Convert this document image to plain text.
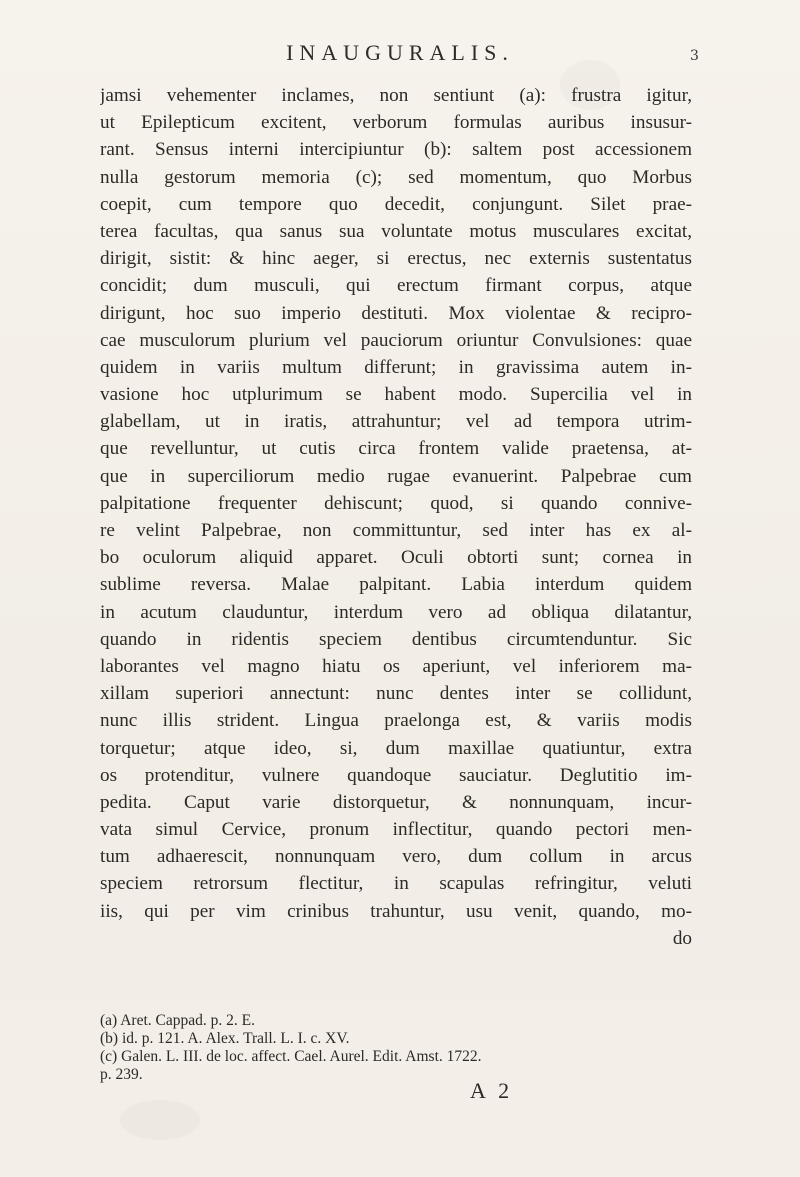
INAUGURALIS.	3
jamsi vehementer inclames, non sentiunt (a): frustra igitur,
ut Epilepticum excitent, verborum formulas auribus insusur-
rant. Sensus interni intercipiuntur (b): saltem post accessionem
nulla gestorum memoria (c); sed momentum, quo Morbus
coepit, cum tempore quo decedit, conjungunt. Silet prae-
terea facultas, qua sanus sua voluntate motus musculares excitat,
dirigit, sistit: & hinc aeger, si erectus, nec externis sustentatus
concidit; dum musculi, qui erectum firmant corpus, atque
dirigunt, hoc suo imperio destituti. Mox violentae & recipro-
cae musculorum plurium vel pauciorum oriuntur Convulsiones: quae
quidem in variis multum differunt; in gravissima autem in-
vasione hoc utplurimum se habent modo. Supercilia vel in
glabellam, ut in iratis, attrahuntur; vel ad tempora utrim-
que revelluntur, ut cutis circa frontem valide praetensa, at-
que in superciliorum medio rugae evanuerint. Palpebrae cum
palpitatione frequenter dehiscunt; quod, si quando connive-
re velint Palpebrae, non committuntur, sed inter has ex al-
bo oculorum aliquid apparet. Oculi obtorti sunt; cornea in
sublime reversa. Malae palpitant. Labia interdum quidem
in acutum clauduntur, interdum vero ad obliqua dilatantur,
quando in ridentis speciem dentibus circumtenduntur. Sic
laborantes vel magno hiatu os aperiunt, vel inferiorem ma-
xillam superiori annectunt: nunc dentes inter se collidunt,
nunc illis strident. Lingua praelonga est, & variis modis
torquetur; atque ideo, si, dum maxillae quatiuntur, extra
os protenditur, vulnere quandoque sauciatur. Deglutitio im-
pedita. Caput varie distorquetur, & nonnunquam, incur-
vata simul Cervice, pronum inflectitur, quando pectori men-
tum adhaerescit, nonnunquam vero, dum collum in arcus
speciem retrorsum flectitur, in scapulas refringitur, veluti
iis, qui per vim crinibus trahuntur, usu venit, quando, mo-
do
(a) Aret. Cappad. p. 2. E.
(b) id. p. 121. A. Alex. Trall. L. I. c. XV.
(c) Galen. L. III. de loc. affect. Cael. Aurel. Edit. Amst. 1722.
p. 239.
A 2
